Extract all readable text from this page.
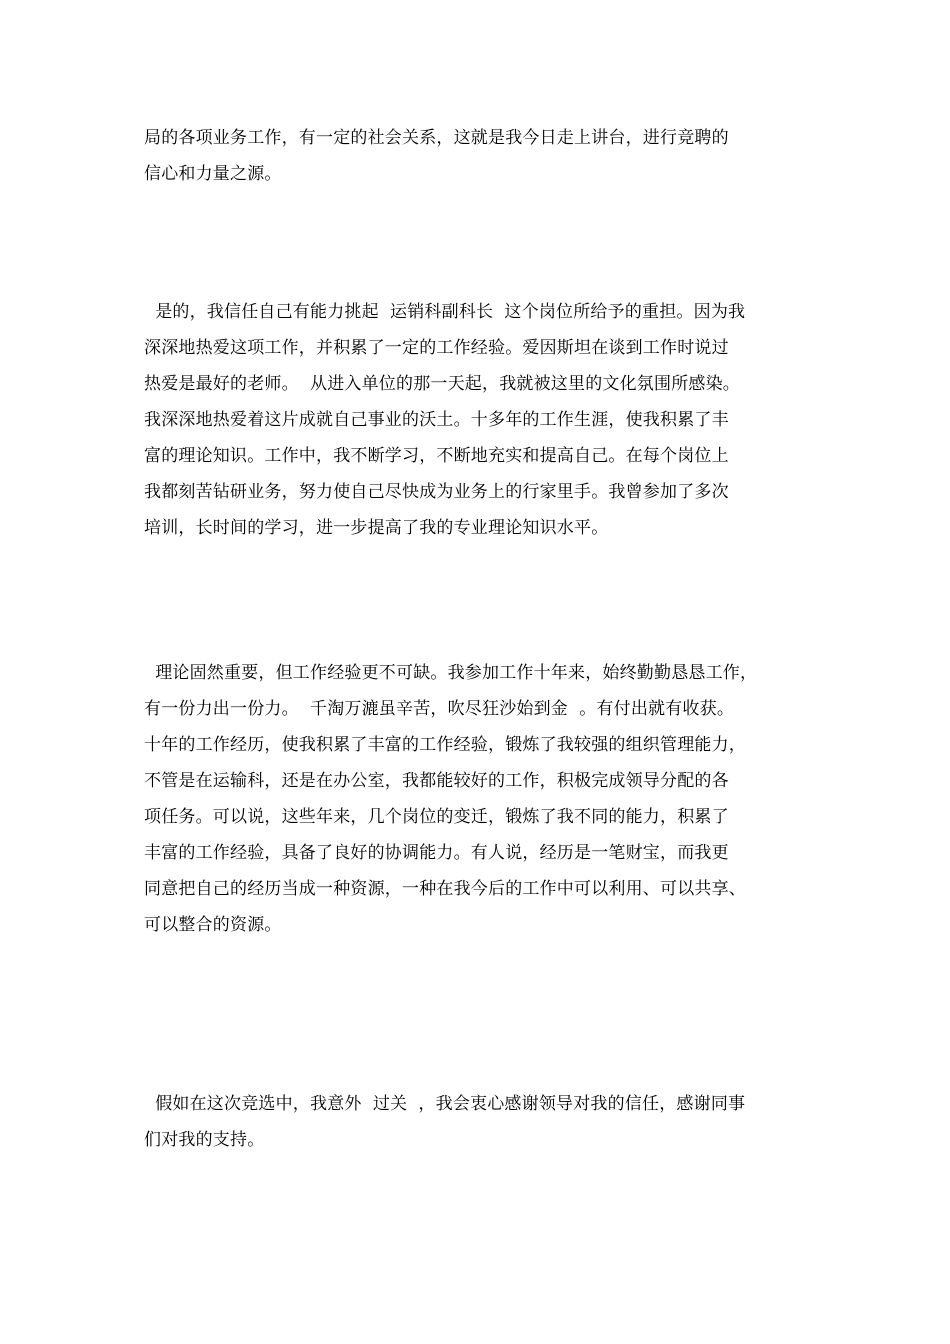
局的各项业务工作，有一定的社会关系，这就是我今日走上讲台，进行竞聘的
信心和力量之源。
是的，我信任自己有能力挑起  运销科副科长  这个岗位所给予的重担。因为我
深深地热爱这项工作，并积累了一定的工作经验。爱因斯坦在谈到工作时说过
热爱是最好的老师。  从进入单位的那一天起，我就被这里的文化氛围所感染。
我深深地热爱着这片成就自己事业的沃土。十多年的工作生涯，使我积累了丰
富的理论知识。工作中，我不断学习，不断地充实和提高自己。在每个岗位上
我都刻苦钻研业务，努力使自己尽快成为业务上的行家里手。我曾参加了多次
培训，长时间的学习，进一步提高了我的专业理论知识水平。
理论固然重要，但工作经验更不可缺。我参加工作十年来，始终勤勤恳恳工作，
有一份力出一份力。  千淘万漉虽辛苦，吹尽狂沙始到金  。有付出就有收获。
十年的工作经历，使我积累了丰富的工作经验，锻炼了我较强的组织管理能力，
不管是在运输科，还是在办公室，我都能较好的工作，积极完成领导分配的各
项任务。可以说，这些年来，几个岗位的变迁，锻炼了我不同的能力，积累了
丰富的工作经验，具备了良好的协调能力。有人说，经历是一笔财宝，而我更
同意把自己的经历当成一种资源，一种在我今后的工作中可以利用、可以共享、
可以整合的资源。
假如在这次竞选中，我意外  过关  ，我会衷心感谢领导对我的信任，感谢同事
们对我的支持。
